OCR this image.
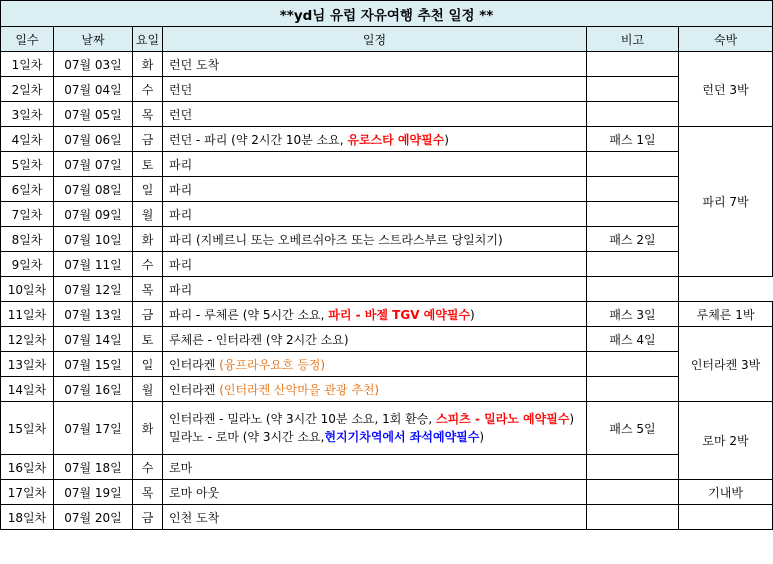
**yd님 유럽 자유여행 추천 일정 **					
일수	날짜	요일	일정	비고	숙박
1일차	07월 03일	화	런던 도착		런던 3박
2일차	07월 04일	수	런던		
3일차	07월 05일	목	런던		
4일차	07월 06일	금	런던 - 파리 (약 2시간 10분 소요, 유로스타 예약필수)	패스 1일	파리 7박
5일차	07월 07일	토	파리		
6일차	07월 08일	일	파리		
7일차	07월 09일	월	파리		
8일차	07월 10일	화	파리 (지베르니 또는 오베르쉬아즈 또는 스트라스부르 당일치기)	패스 2일	
9일차	07월 11일	수	파리		
10일차	07월 12일	목	파리		
11일차	07월 13일	금	파리 - 루체른 (약 5시간 소요, 파리 - 바젤 TGV 예약필수)	패스 3일	루체른 1박
12일차	07월 14일	토	루체른 - 인터라켄 (약 2시간 소요)	패스 4일	인터라켄 3박
13일차	07월 15일	일	인터라켄 (융프라우요흐 등정)		
14일차	07월 16일	월	인터라켄 (인터라켄 산악마을 관광 추천)		
15일차	07월 17일	화	인터라켄 - 밀라노 (약 3시간 10분 소요, 1회 환승, 스피츠 - 밀라노 예약필수)
밀라노 - 로마 (약 3시간 소요,현지기차역에서 좌석예약필수)	패스 5일	로마 2박
16일차	07월 18일	수	로마		
17일차	07월 19일	목	로마 아웃		기내박
18일차	07월 20일	금	인천 도착		
